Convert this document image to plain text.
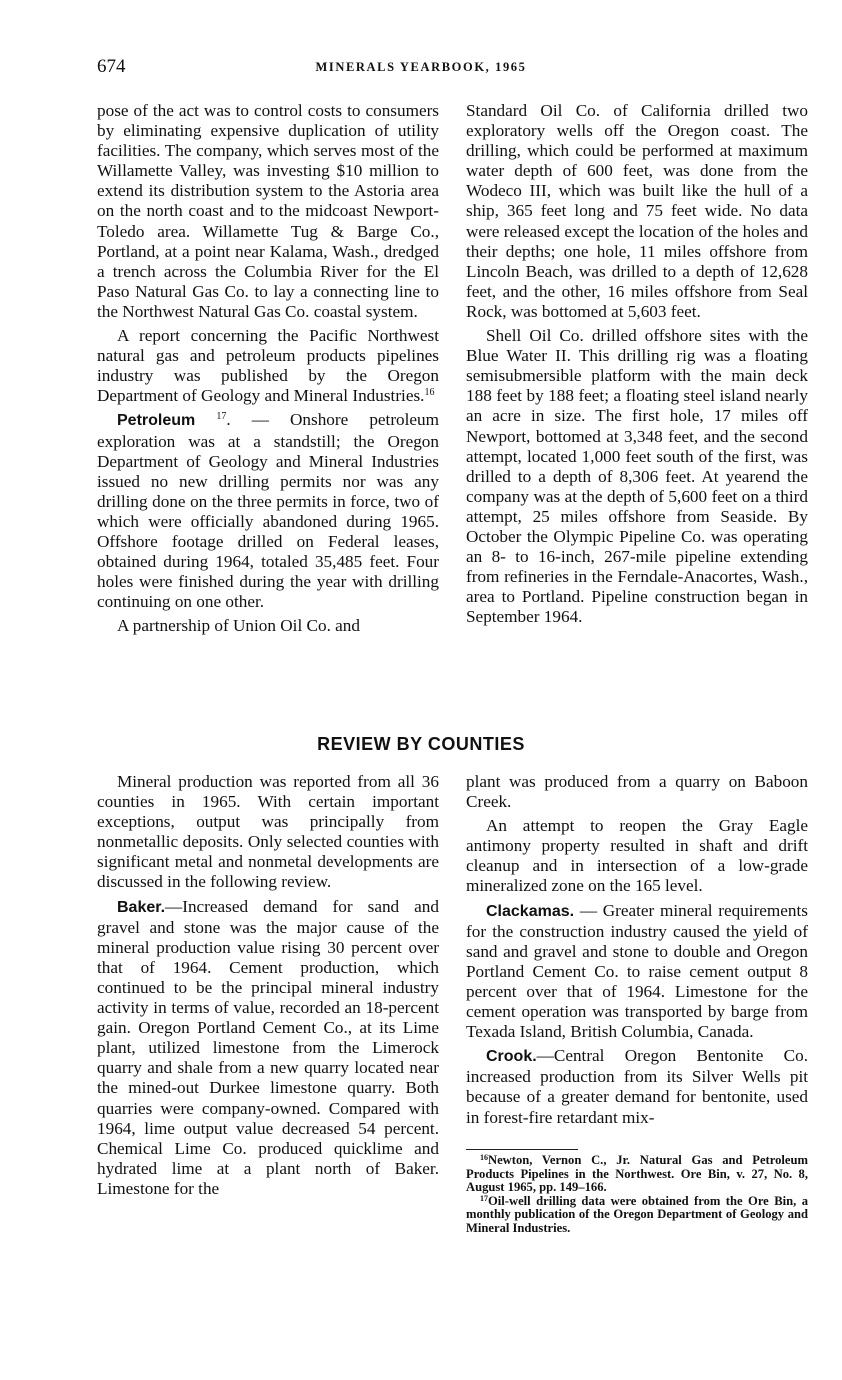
674	MINERALS YEARBOOK, 1965

pose of the act was to control costs to consumers by eliminating expensive duplication of utility facilities. The company, which serves most of the Willamette Valley, was investing $10 million to extend its distribution system to the Astoria area on the north coast and to the midcoast Newport-Toledo area. Willamette Tug & Barge Co., Portland, at a point near Kalama, Wash., dredged a trench across the Columbia River for the El Paso Natural Gas Co. to lay a connecting line to the Northwest Natural Gas Co. coastal system.

A report concerning the Pacific Northwest natural gas and petroleum products pipelines industry was published by the Oregon Department of Geology and Mineral Industries.$^{16}$

Petroleum $^{17}$. — Onshore petroleum exploration was at a standstill; the Oregon Department of Geology and Mineral Industries issued no new drilling permits nor was any drilling done on the three permits in force, two of which were officially abandoned during 1965. Offshore footage drilled on Federal leases, obtained during 1964, totaled 35,485 feet. Four holes were finished during the year with drilling continuing on one other.

A partnership of Union Oil Co. and

Standard Oil Co. of California drilled two exploratory wells off the Oregon coast. The drilling, which could be performed at maximum water depth of 600 feet, was done from the Wodeco III, which was built like the hull of a ship, 365 feet long and 75 feet wide. No data were released except the location of the holes and their depths; one hole, 11 miles offshore from Lincoln Beach, was drilled to a depth of 12,628 feet, and the other, 16 miles offshore from Seal Rock, was bottomed at 5,603 feet.

Shell Oil Co. drilled offshore sites with the Blue Water II. This drilling rig was a floating semisubmersible platform with the main deck 188 feet by 188 feet; a floating steel island nearly an acre in size. The first hole, 17 miles off Newport, bottomed at 3,348 feet, and the second attempt, located 1,000 feet south of the first, was drilled to a depth of 8,306 feet. At yearend the company was at the depth of 5,600 feet on a third attempt, 25 miles offshore from Seaside. By October the Olympic Pipeline Co. was operating an 8- to 16-inch, 267-mile pipeline extending from refineries in the Ferndale-Anacortes, Wash., area to Portland. Pipeline construction began in September 1964.

REVIEW BY COUNTIES

Mineral production was reported from all 36 counties in 1965. With certain important exceptions, output was principally from nonmetallic deposits. Only selected counties with significant metal and nonmetal developments are discussed in the following review.

Baker.—Increased demand for sand and gravel and stone was the major cause of the mineral production value rising 30 percent over that of 1964. Cement production, which continued to be the principal mineral industry activity in terms of value, recorded an 18-percent gain. Oregon Portland Cement Co., at its Lime plant, utilized limestone from the Limerock quarry and shale from a new quarry located near the mined-out Durkee limestone quarry. Both quarries were company-owned. Compared with 1964, lime output value decreased 54 percent. Chemical Lime Co. produced quicklime and hydrated lime at a plant north of Baker. Limestone for the

plant was produced from a quarry on Baboon Creek.

An attempt to reopen the Gray Eagle antimony property resulted in shaft and drift cleanup and in intersection of a low-grade mineralized zone on the 165 level.

Clackamas. — Greater mineral requirements for the construction industry caused the yield of sand and gravel and stone to double and Oregon Portland Cement Co. to raise cement output 8 percent over that of 1964. Limestone for the cement operation was transported by barge from Texada Island, British Columbia, Canada.

Crook.—Central Oregon Bentonite Co. increased production from its Silver Wells pit because of a greater demand for bentonite, used in forest-fire retardant mix-

$^{16}$Newton, Vernon C., Jr. Natural Gas and Petroleum Products Pipelines in the Northwest. Ore Bin, v. 27, No. 8, August 1965, pp. 149–166.

$^{17}$Oil-well drilling data were obtained from the Ore Bin, a monthly publication of the Oregon Department of Geology and Mineral Industries.
